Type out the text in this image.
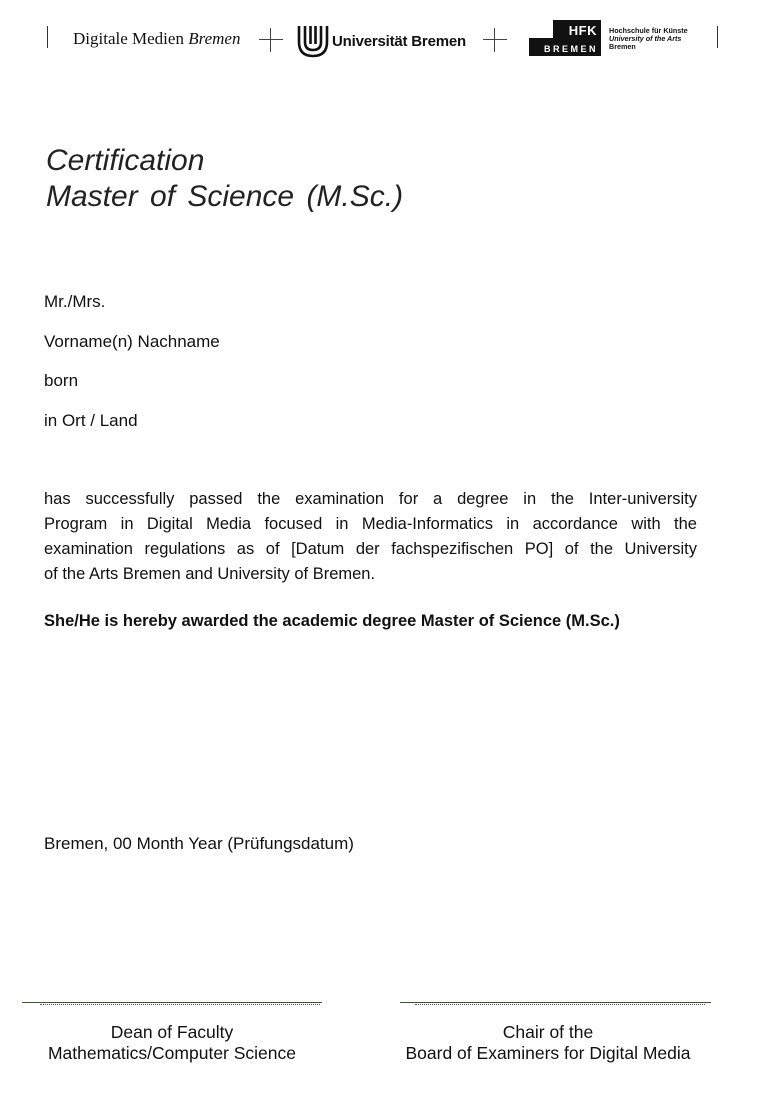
Digitale Medien Bremen	Universität Bremen
HFK
BREMEN
Hochschule für Künste
University of the Arts
Bremen
Certification
Master of Science (M.Sc.)
Mr./Mrs.
Vorname(n) Nachname
born
in Ort / Land
has successfully passed the examination for a degree in the Inter-university
Program in Digital Media focused in Media-Informatics in accordance with the
examination regulations as of [Datum der fachspezifischen PO] of the University
of the Arts Bremen and University of Bremen.
She/He is hereby awarded the academic degree Master of Science (M.Sc.)
Bremen, 00 Month Year (Prüfungsdatum)
Dean of Faculty
Mathematics/Computer Science
Chair of the
Board of Examiners for Digital Media
